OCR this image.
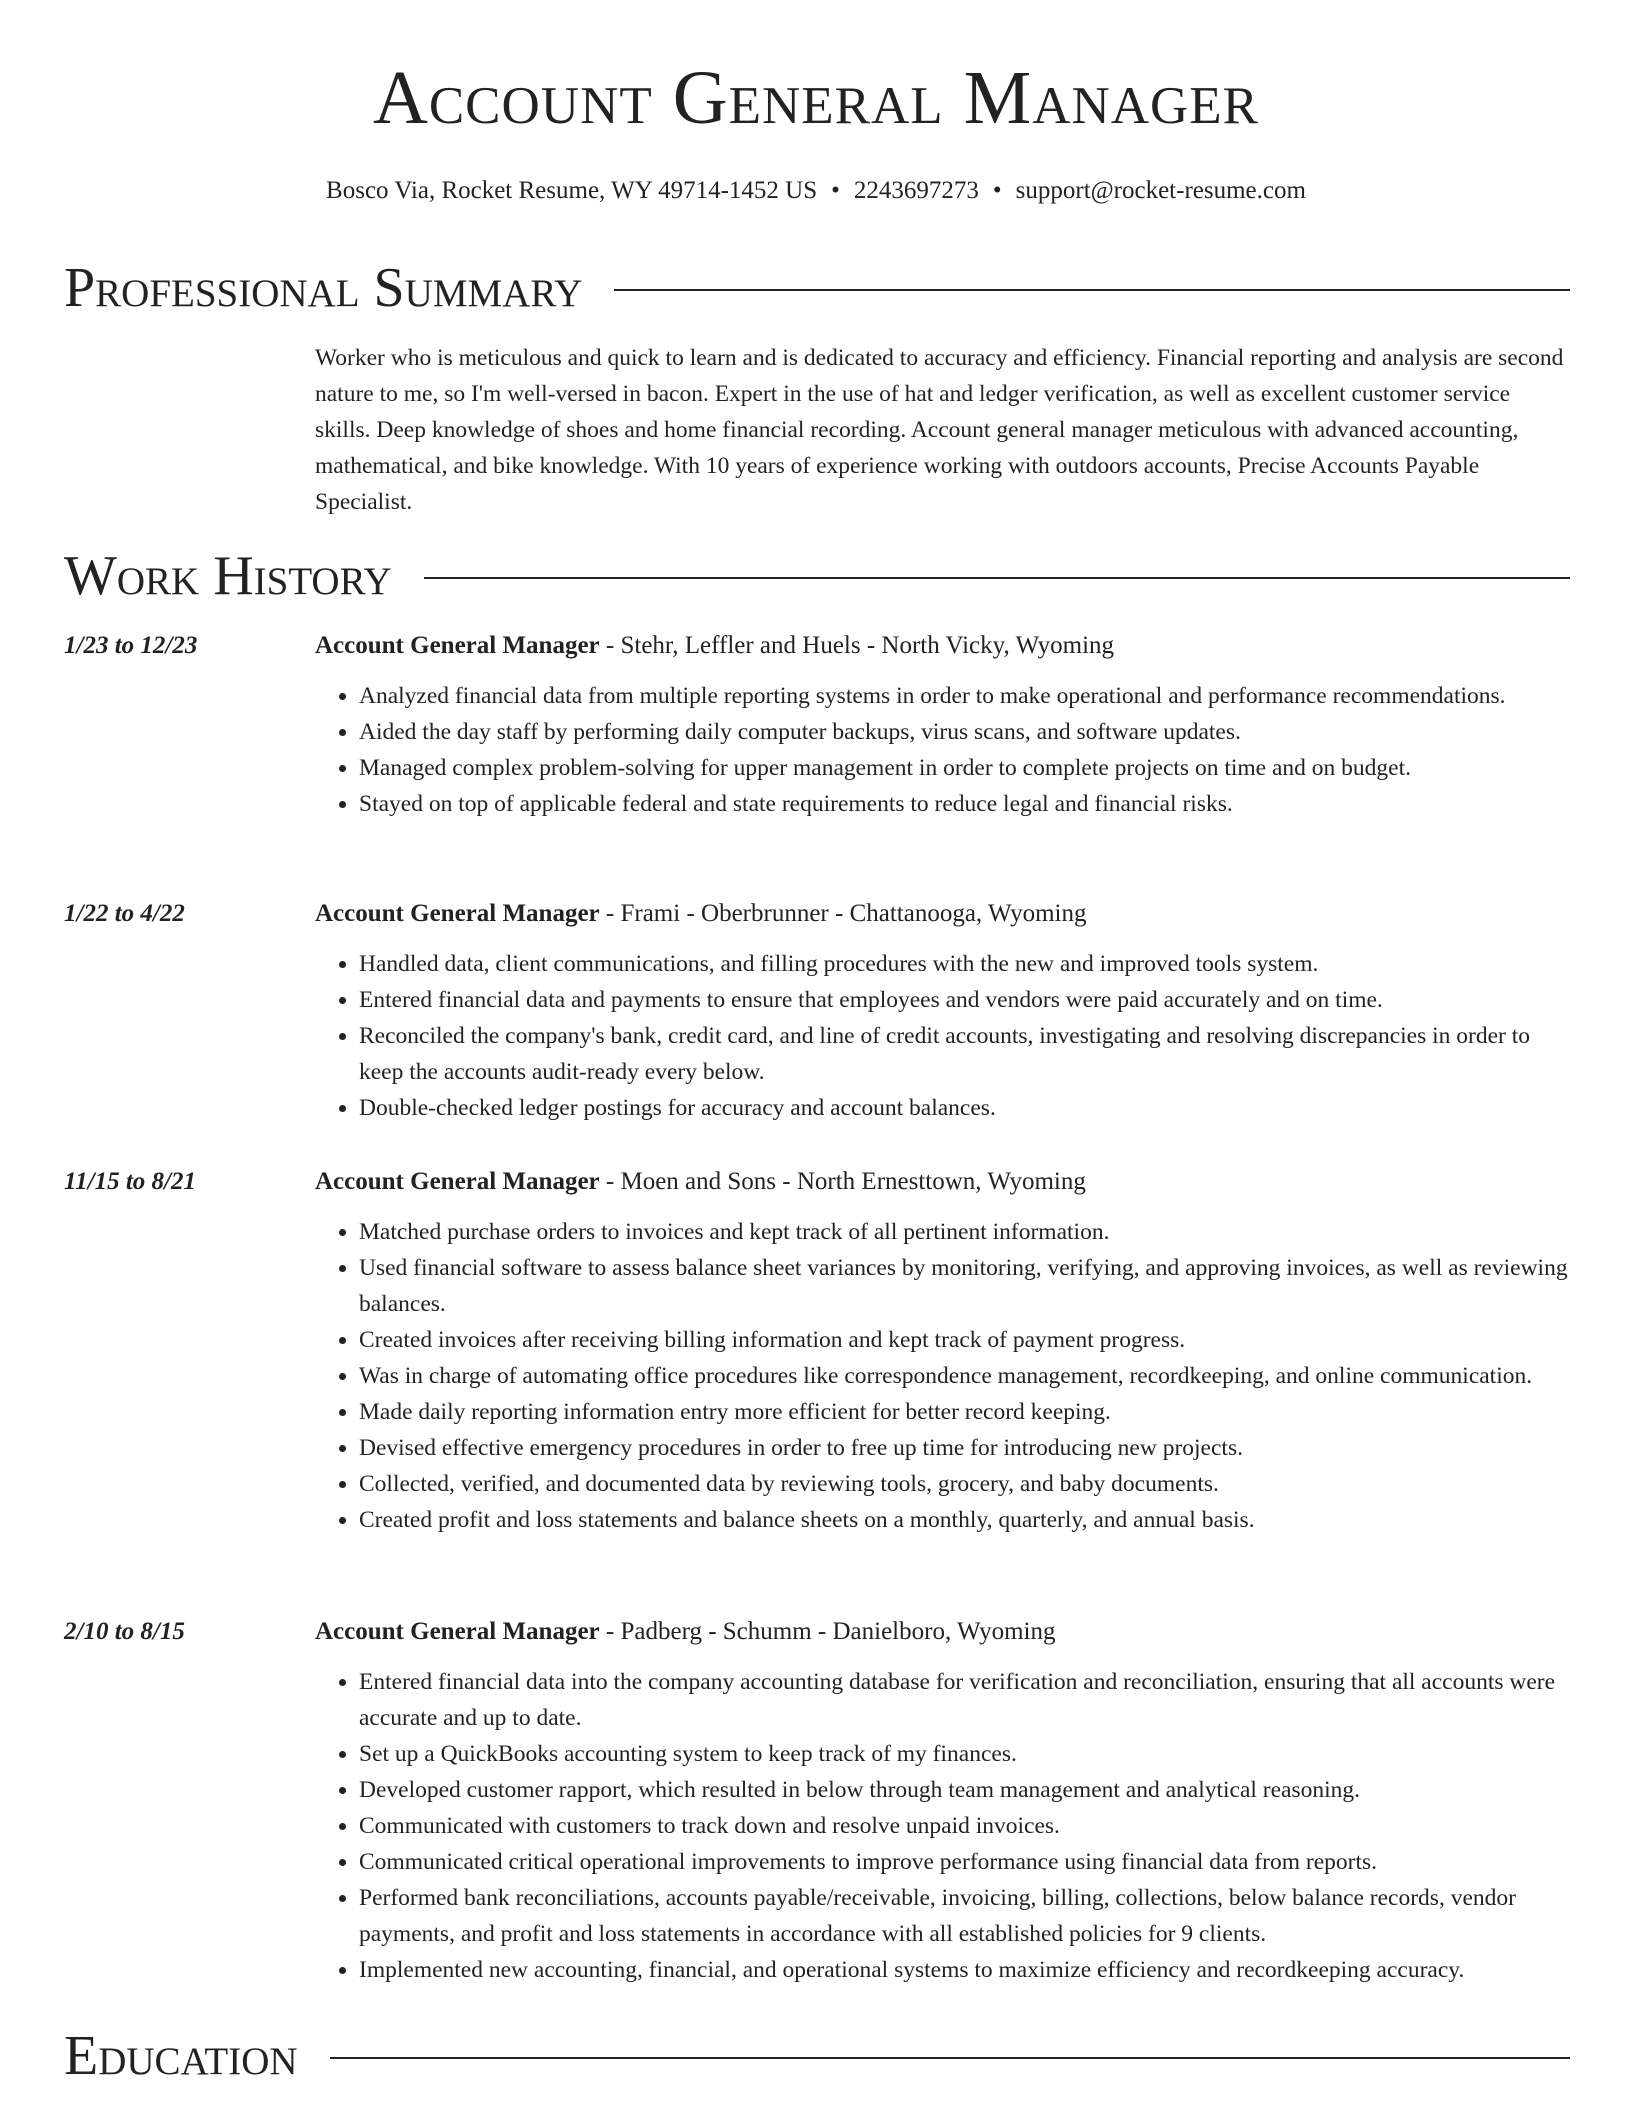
Account General Manager
Bosco Via, Rocket Resume, WY 49714-1452 US • 2243697273 • support@rocket-resume.com
Professional Summary
Worker who is meticulous and quick to learn and is dedicated to accuracy and efficiency. Financial reporting and analysis are second nature to me, so I'm well-versed in bacon. Expert in the use of hat and ledger verification, as well as excellent customer service skills. Deep knowledge of shoes and home financial recording. Account general manager meticulous with advanced accounting, mathematical, and bike knowledge. With 10 years of experience working with outdoors accounts, Precise Accounts Payable Specialist.
Work History
1/23 to 12/23	Account General Manager - Stehr, Leffler and Huels - North Vicky, Wyoming
• Analyzed financial data from multiple reporting systems in order to make operational and performance recommendations.
• Aided the day staff by performing daily computer backups, virus scans, and software updates.
• Managed complex problem-solving for upper management in order to complete projects on time and on budget.
• Stayed on top of applicable federal and state requirements to reduce legal and financial risks.
1/22 to 4/22	Account General Manager - Frami - Oberbrunner - Chattanooga, Wyoming
• Handled data, client communications, and filling procedures with the new and improved tools system.
• Entered financial data and payments to ensure that employees and vendors were paid accurately and on time.
• Reconciled the company's bank, credit card, and line of credit accounts, investigating and resolving discrepancies in order to keep the accounts audit-ready every below.
• Double-checked ledger postings for accuracy and account balances.
11/15 to 8/21	Account General Manager - Moen and Sons - North Ernesttown, Wyoming
• Matched purchase orders to invoices and kept track of all pertinent information.
• Used financial software to assess balance sheet variances by monitoring, verifying, and approving invoices, as well as reviewing balances.
• Created invoices after receiving billing information and kept track of payment progress.
• Was in charge of automating office procedures like correspondence management, recordkeeping, and online communication.
• Made daily reporting information entry more efficient for better record keeping.
• Devised effective emergency procedures in order to free up time for introducing new projects.
• Collected, verified, and documented data by reviewing tools, grocery, and baby documents.
• Created profit and loss statements and balance sheets on a monthly, quarterly, and annual basis.
2/10 to 8/15	Account General Manager - Padberg - Schumm - Danielboro, Wyoming
• Entered financial data into the company accounting database for verification and reconciliation, ensuring that all accounts were accurate and up to date.
• Set up a QuickBooks accounting system to keep track of my finances.
• Developed customer rapport, which resulted in below through team management and analytical reasoning.
• Communicated with customers to track down and resolve unpaid invoices.
• Communicated critical operational improvements to improve performance using financial data from reports.
• Performed bank reconciliations, accounts payable/receivable, invoicing, billing, collections, below balance records, vendor payments, and profit and loss statements in accordance with all established policies for 9 clients.
• Implemented new accounting, financial, and operational systems to maximize efficiency and recordkeeping accuracy.
Education
